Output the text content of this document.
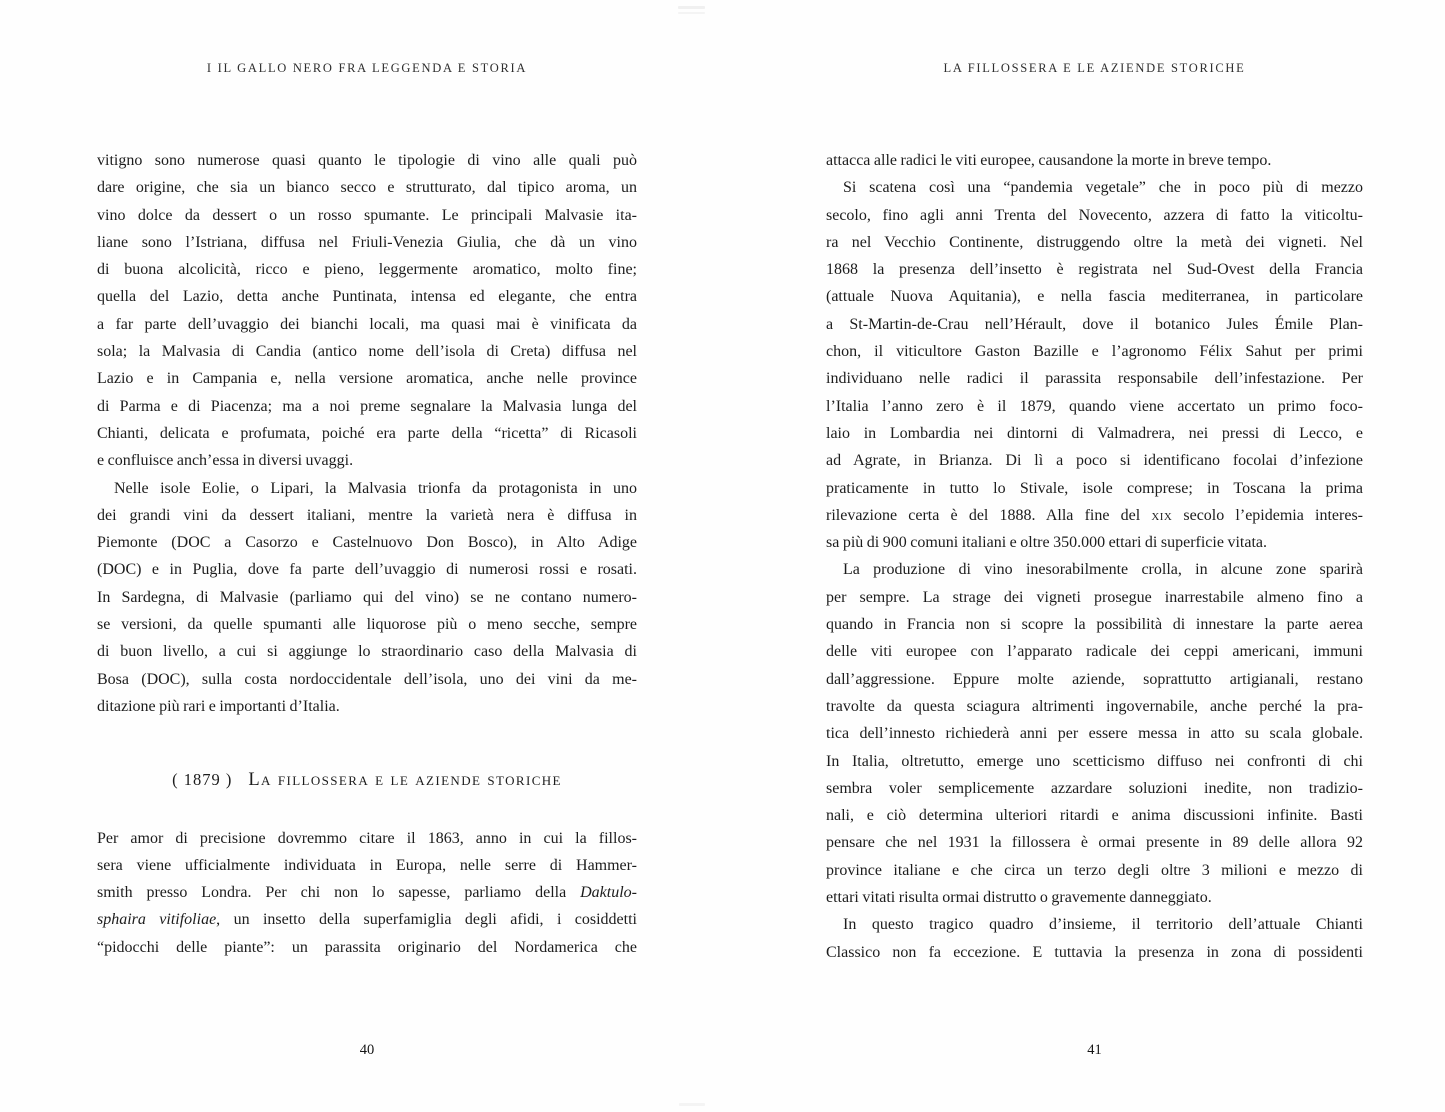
I IL GALLO NERO FRA LEGGENDA E STORIA
vitigno sono numerose quasi quanto le tipologie di vino alle quali può
dare origine, che sia un bianco secco e strutturato, dal tipico aroma, un
vino dolce da dessert o un rosso spumante. Le principali Malvasie ita-
liane sono l’Istriana, diffusa nel Friuli-Venezia Giulia, che dà un vino
di buona alcolicità, ricco e pieno, leggermente aromatico, molto fine;
quella del Lazio, detta anche Puntinata, intensa ed elegante, che entra
a far parte dell’uvaggio dei bianchi locali, ma quasi mai è vinificata da
sola; la Malvasia di Candia (antico nome dell’isola di Creta) diffusa nel
Lazio e in Campania e, nella versione aromatica, anche nelle province
di Parma e di Piacenza; ma a noi preme segnalare la Malvasia lunga del
Chianti, delicata e profumata, poiché era parte della “ricetta” di Ricasoli
e confluisce anch’essa in diversi uvaggi.
Nelle isole Eolie, o Lipari, la Malvasia trionfa da protagonista in uno
dei grandi vini da dessert italiani, mentre la varietà nera è diffusa in
Piemonte (DOC a Casorzo e Castelnuovo Don Bosco), in Alto Adige
(DOC) e in Puglia, dove fa parte dell’uvaggio di numerosi rossi e rosati.
In Sardegna, di Malvasie (parliamo qui del vino) se ne contano numero-
se versioni, da quelle spumanti alle liquorose più o meno secche, sempre
di buon livello, a cui si aggiunge lo straordinario caso della Malvasia di
Bosa (DOC), sulla costa nordoccidentale dell’isola, uno dei vini da me-
ditazione più rari e importanti d’Italia.
( 1879 ) La fillossera e le aziende storiche
Per amor di precisione dovremmo citare il 1863, anno in cui la fillos-
sera viene ufficialmente individuata in Europa, nelle serre di Hammer-
smith presso Londra. Per chi non lo sapesse, parliamo della Daktulo-
sphaira vitifoliae, un insetto della superfamiglia degli afidi, i cosiddetti
“pidocchi delle piante”: un parassita originario del Nordamerica che
40
LA FILLOSSERA E LE AZIENDE STORICHE
attacca alle radici le viti europee, causandone la morte in breve tempo.
Si scatena così una “pandemia vegetale” che in poco più di mezzo
secolo, fino agli anni Trenta del Novecento, azzera di fatto la viticoltu-
ra nel Vecchio Continente, distruggendo oltre la metà dei vigneti. Nel
1868 la presenza dell’insetto è registrata nel Sud-Ovest della Francia
(attuale Nuova Aquitania), e nella fascia mediterranea, in particolare
a St-Martin-de-Crau nell’Hérault, dove il botanico Jules Émile Plan-
chon, il viticultore Gaston Bazille e l’agronomo Félix Sahut per primi
individuano nelle radici il parassita responsabile dell’infestazione. Per
l’Italia l’anno zero è il 1879, quando viene accertato un primo foco-
laio in Lombardia nei dintorni di Valmadrera, nei pressi di Lecco, e
ad Agrate, in Brianza. Di lì a poco si identificano focolai d’infezione
praticamente in tutto lo Stivale, isole comprese; in Toscana la prima
rilevazione certa è del 1888. Alla fine del xix secolo l’epidemia interes-
sa più di 900 comuni italiani e oltre 350.000 ettari di superficie vitata.
La produzione di vino inesorabilmente crolla, in alcune zone sparirà
per sempre. La strage dei vigneti prosegue inarrestabile almeno fino a
quando in Francia non si scopre la possibilità di innestare la parte aerea
delle viti europee con l’apparato radicale dei ceppi americani, immuni
dall’aggressione. Eppure molte aziende, soprattutto artigianali, restano
travolte da questa sciagura altrimenti ingovernabile, anche perché la pra-
tica dell’innesto richiederà anni per essere messa in atto su scala globale.
In Italia, oltretutto, emerge uno scetticismo diffuso nei confronti di chi
sembra voler semplicemente azzardare soluzioni inedite, non tradizio-
nali, e ciò determina ulteriori ritardi e anima discussioni infinite. Basti
pensare che nel 1931 la fillossera è ormai presente in 89 delle allora 92
province italiane e che circa un terzo degli oltre 3 milioni e mezzo di
ettari vitati risulta ormai distrutto o gravemente danneggiato.
In questo tragico quadro d’insieme, il territorio dell’attuale Chianti
Classico non fa eccezione. E tuttavia la presenza in zona di possidenti
41
